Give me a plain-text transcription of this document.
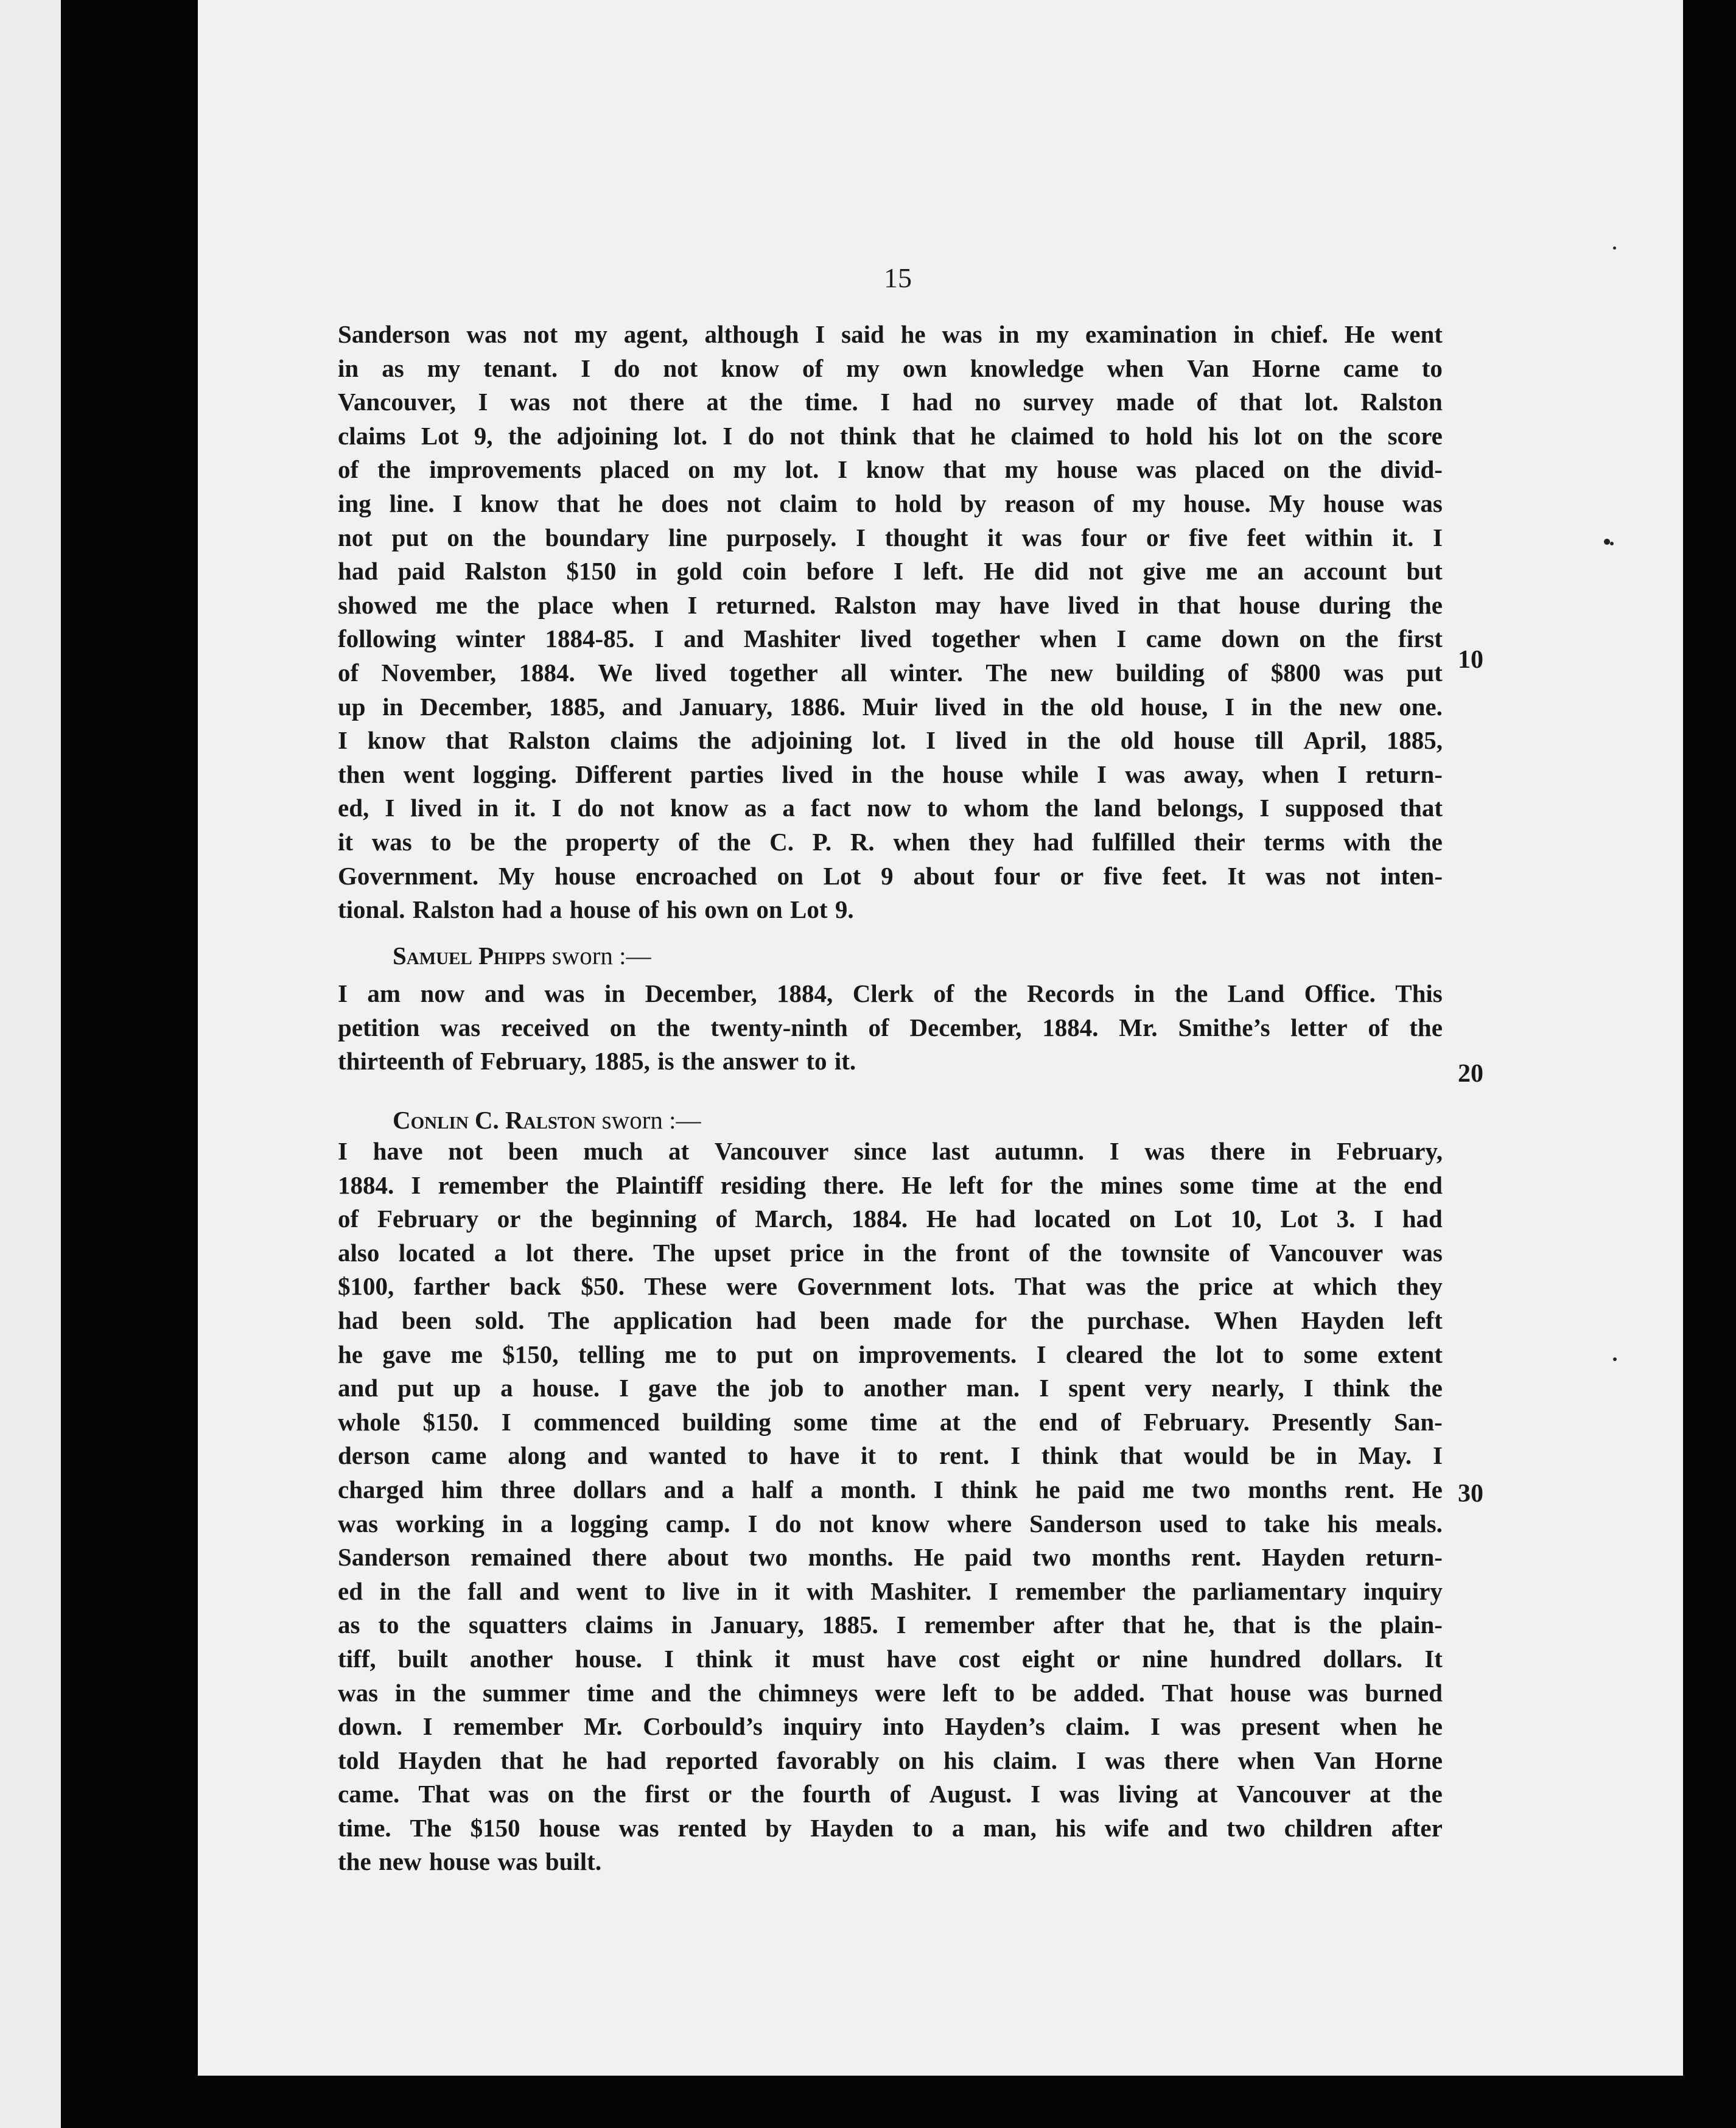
15
Sanderson was not my agent, although I said he was in my examination in chief. He went
in as my tenant. I do not know of my own knowledge when Van Horne came to
Vancouver, I was not there at the time. I had no survey made of that lot. Ralston
claims Lot 9, the adjoining lot. I do not think that he claimed to hold his lot on the score
of the improvements placed on my lot. I know that my house was placed on the divid-
ing line. I know that he does not claim to hold by reason of my house. My house was
not put on the boundary line purposely. I thought it was four or five feet within it. I
had paid Ralston $150 in gold coin before I left. He did not give me an account but
showed me the place when I returned. Ralston may have lived in that house during the
following winter 1884-85. I and Mashiter lived together when I came down on the first
of November, 1884. We lived together all winter. The new building of $800 was put
up in December, 1885, and January, 1886. Muir lived in the old house, I in the new one.
I know that Ralston claims the adjoining lot. I lived in the old house till April, 1885,
then went logging. Different parties lived in the house while I was away, when I return-
ed, I lived in it. I do not know as a fact now to whom the land belongs, I supposed that
it was to be the property of the C. P. R. when they had fulfilled their terms with the
Government. My house encroached on Lot 9 about four or five feet. It was not inten-
tional. Ralston had a house of his own on Lot 9.
Samuel Phipps sworn :—
I am now and was in December, 1884, Clerk of the Records in the Land Office. This
petition was received on the twenty-ninth of December, 1884. Mr. Smithe’s letter of the
thirteenth of February, 1885, is the answer to it.
Conlin C. Ralston sworn :—
I have not been much at Vancouver since last autumn. I was there in February,
1884. I remember the Plaintiff residing there. He left for the mines some time at the end
of February or the beginning of March, 1884. He had located on Lot 10, Lot 3. I had
also located a lot there. The upset price in the front of the townsite of Vancouver was
$100, farther back $50. These were Government lots. That was the price at which they
had been sold. The application had been made for the purchase. When Hayden left
he gave me $150, telling me to put on improvements. I cleared the lot to some extent
and put up a house. I gave the job to another man. I spent very nearly, I think the
whole $150. I commenced building some time at the end of February. Presently San-
derson came along and wanted to have it to rent. I think that would be in May. I
charged him three dollars and a half a month. I think he paid me two months rent. He
was working in a logging camp. I do not know where Sanderson used to take his meals.
Sanderson remained there about two months. He paid two months rent. Hayden return-
ed in the fall and went to live in it with Mashiter. I remember the parliamentary inquiry
as to the squatters claims in January, 1885. I remember after that he, that is the plain-
tiff, built another house. I think it must have cost eight or nine hundred dollars. It
was in the summer time and the chimneys were left to be added. That house was burned
down. I remember Mr. Corbould’s inquiry into Hayden’s claim. I was present when he
told Hayden that he had reported favorably on his claim. I was there when Van Horne
came. That was on the first or the fourth of August. I was living at Vancouver at the
time. The $150 house was rented by Hayden to a man, his wife and two children after
the new house was built.
10
20
30
